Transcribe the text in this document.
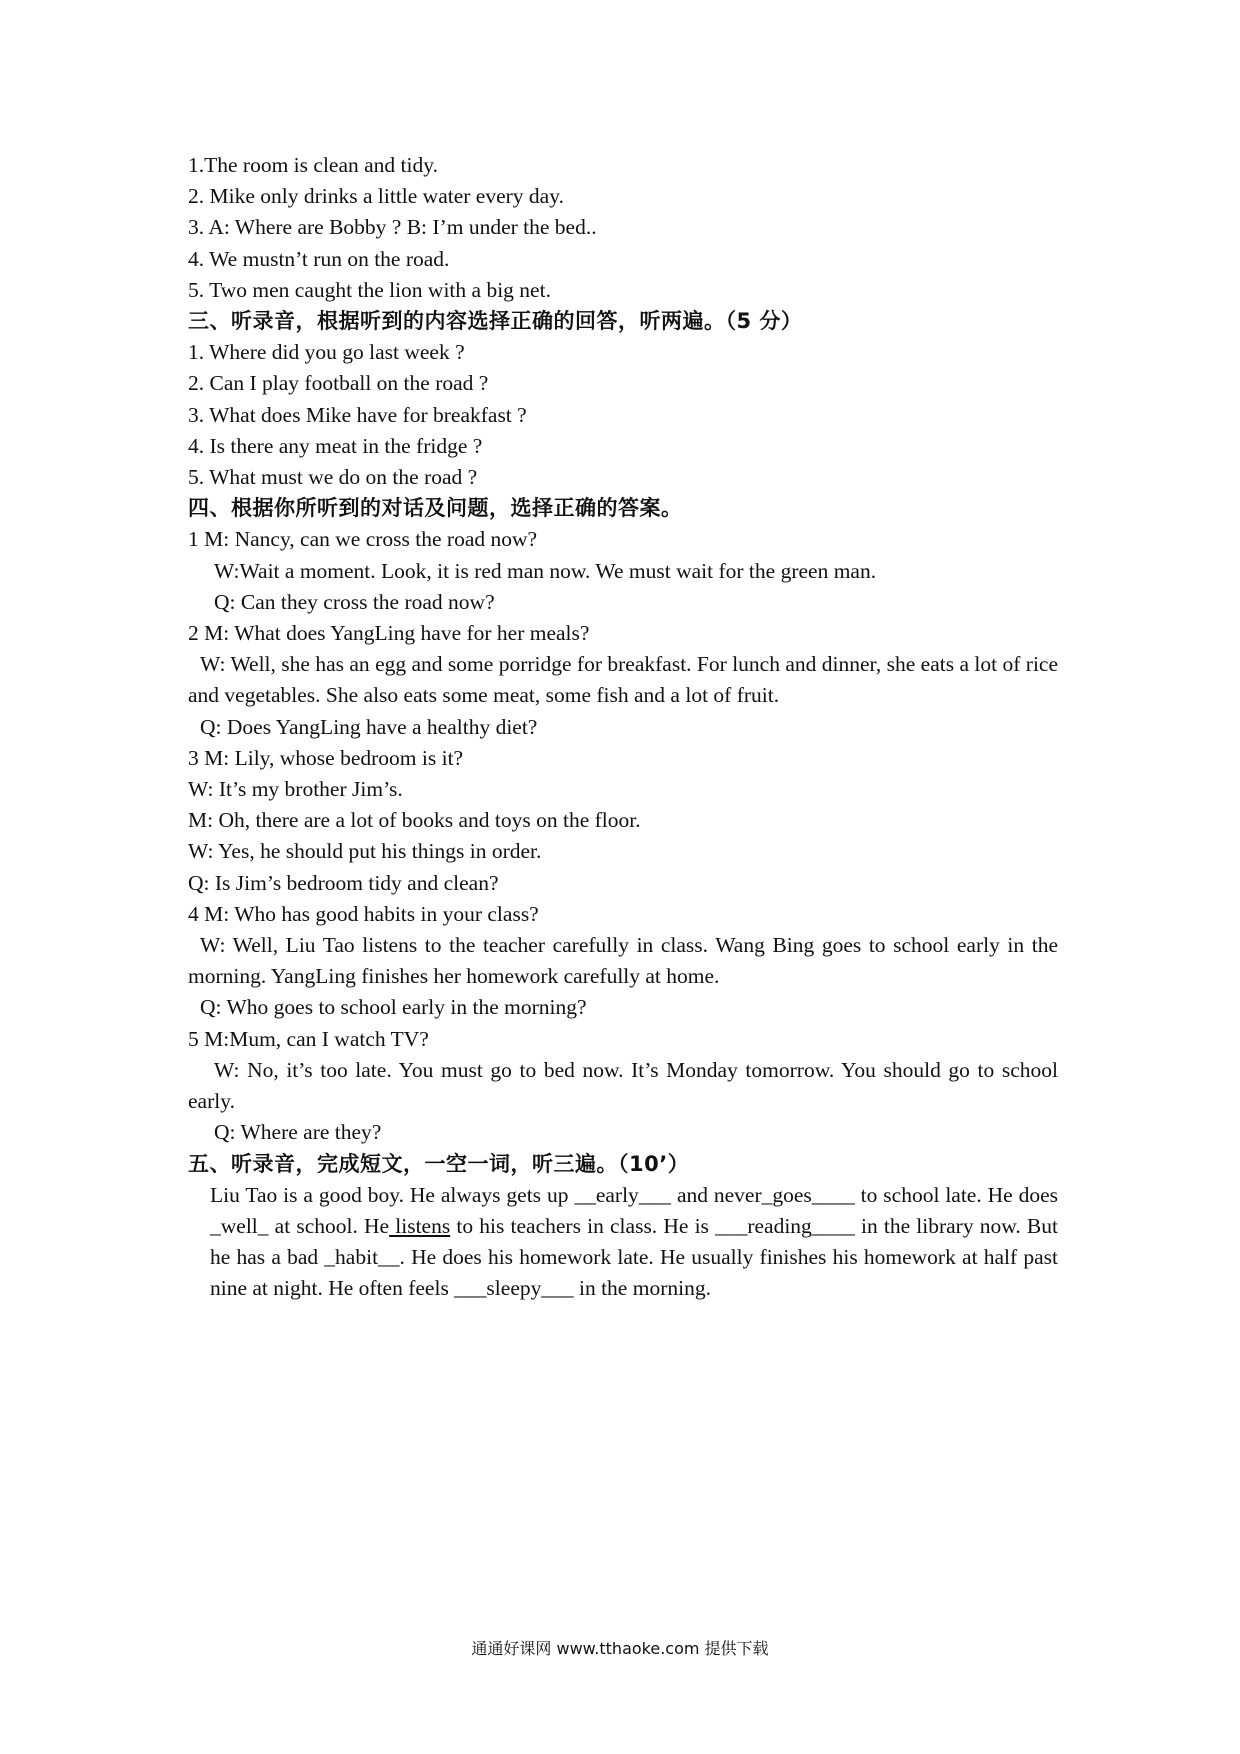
1.The room is clean and tidy.
2. Mike only drinks a little water every day.
3. A: Where are Bobby ? B: I’m under the bed..
4. We mustn’t run on the road.
5. Two men caught the lion with a big net.
三、听录音，根据听到的内容选择正确的回答，听两遍。（5 分）
1. Where did you go last week ?
2. Can I play football on the road ?
3. What does Mike have for breakfast ?
4. Is there any meat in the fridge ?
5. What must we do on the road ?
四、根据你所听到的对话及问题，选择正确的答案。
1 M: Nancy, can we cross the road now?
W:Wait a moment. Look, it is red man now. We must wait for the green man.
Q: Can they cross the road now?
2 M: What does YangLing have for her meals?
W: Well, she has an egg and some porridge for breakfast. For lunch and dinner, she eats a lot of rice and vegetables. She also eats some meat, some fish and a lot of fruit.
Q: Does YangLing have a healthy diet?
3 M: Lily, whose bedroom is it?
W: It’s my brother Jim’s.
M: Oh, there are a lot of books and toys on the floor.
W: Yes, he should put his things in order.
Q: Is Jim’s bedroom tidy and clean?
4 M: Who has good habits in your class?
W: Well, Liu Tao listens to the teacher carefully in class. Wang Bing goes to school early in the morning. YangLing finishes her homework carefully at home.
Q: Who goes to school early in the morning?
5 M:Mum, can I watch TV?
W: No, it’s too late. You must go to bed now. It’s Monday tomorrow. You should go to school early.
Q: Where are they?
五、听录音，完成短文，一空一词，听三遍。（10’）
Liu Tao is a good boy. He always gets up __early___ and never_goes____ to school late. He does _well_ at school. He listens to his teachers in class. He is ___reading____ in the library now. But he has a bad _habit__. He does his homework late. He usually finishes his homework at half past nine at night. He often feels ___sleepy___ in the morning.
通通好课网 www.tthaoke.com 提供下载
